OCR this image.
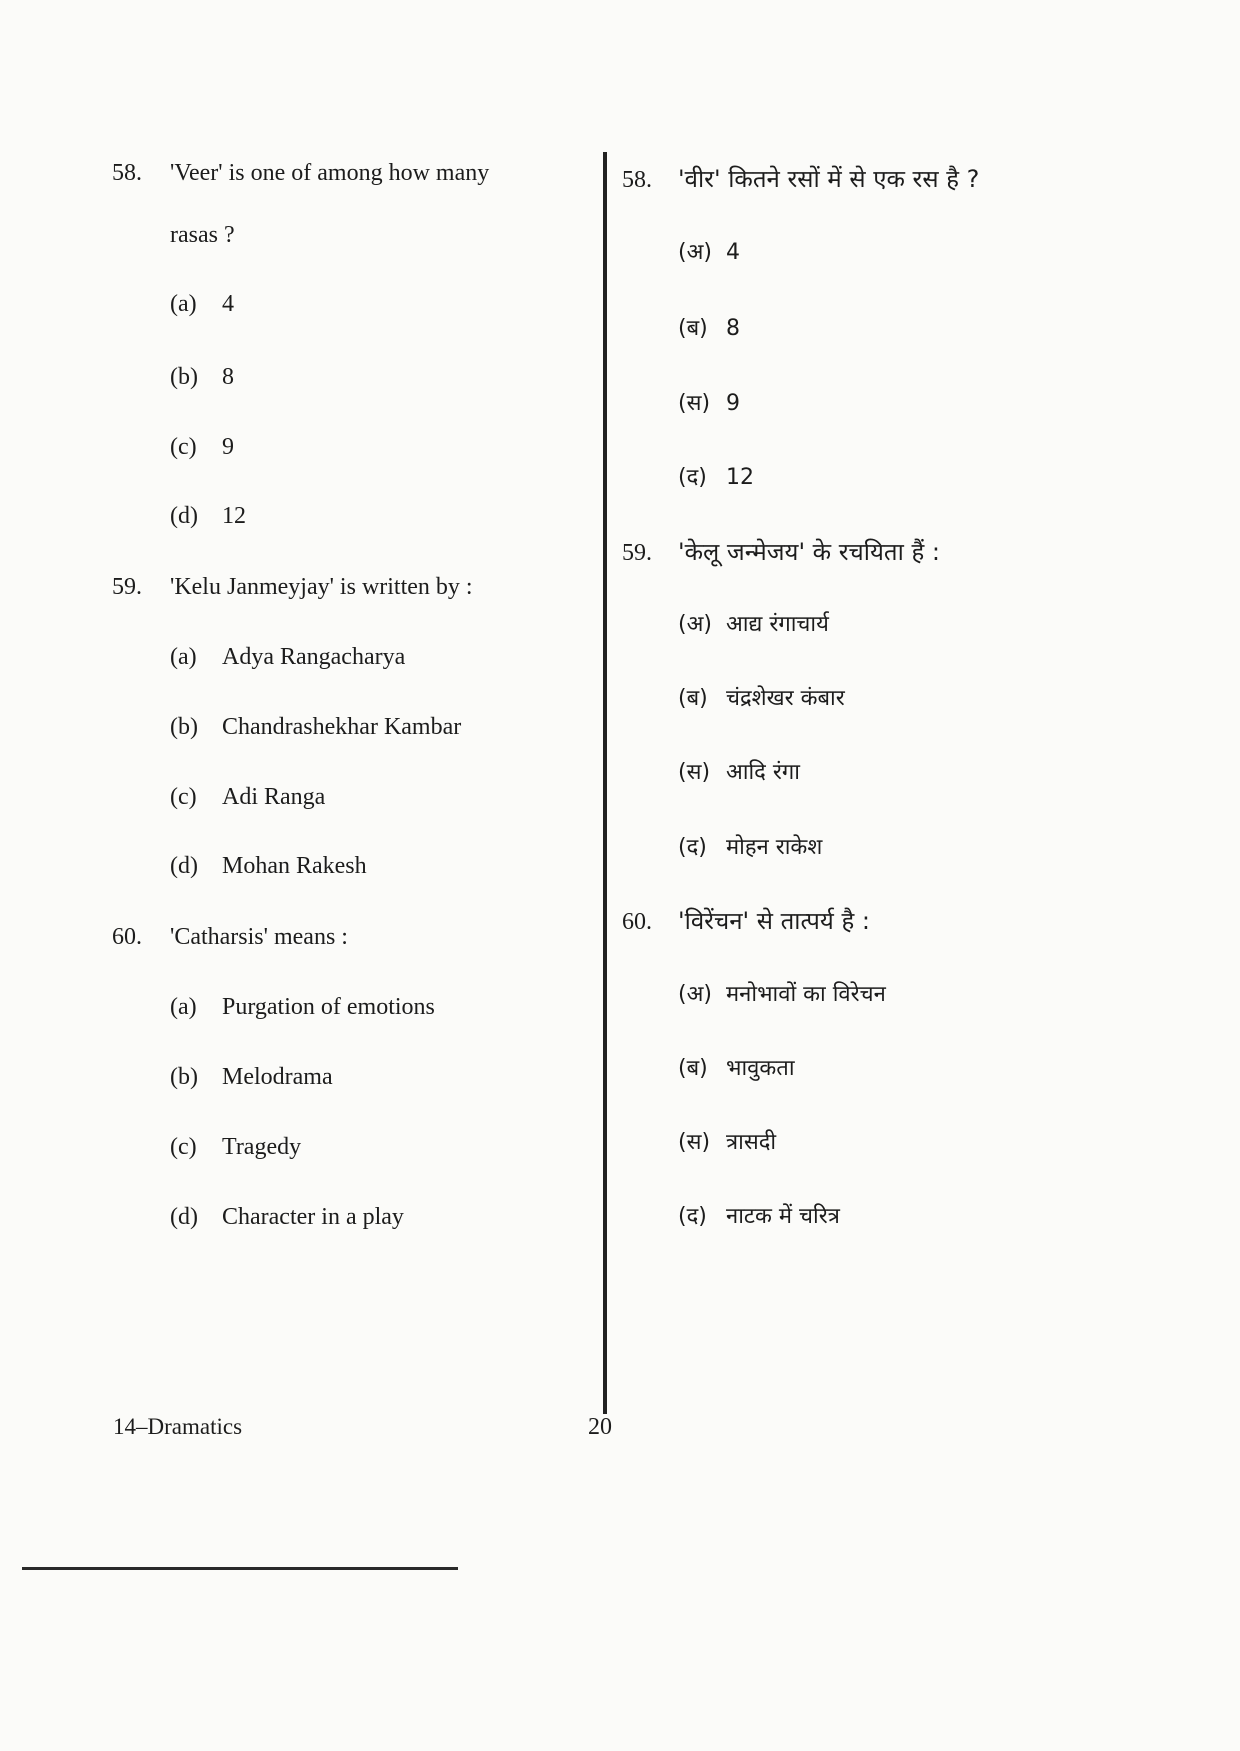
58. 'Veer' is one of among how many
rasas ?
(a) 4
(b) 8
(c) 9
(d) 12
59. 'Kelu Janmeyjay' is written by :
(a) Adya Rangacharya
(b) Chandrashekhar Kambar
(c) Adi Ranga
(d) Mohan Rakesh
60. 'Catharsis' means :
(a) Purgation of emotions
(b) Melodrama
(c) Tragedy
(d) Character in a play
58. 'वीर' कितने रसों में से एक रस है ?
(अ) 4
(ब) 8
(स) 9
(द) 12
59. 'केलू जन्मेजय' के रचयिता हैं :
(अ) आद्य रंगाचार्य
(ब) चंद्रशेखर कंबार
(स) आदि रंगा
(द) मोहन राकेश
60. 'विरेंचन' से तात्पर्य है :
(अ) मनोभावों का विरेचन
(ब) भावुकता
(स) त्रासदी
(द) नाटक में चरित्र
14–Dramatics	20
